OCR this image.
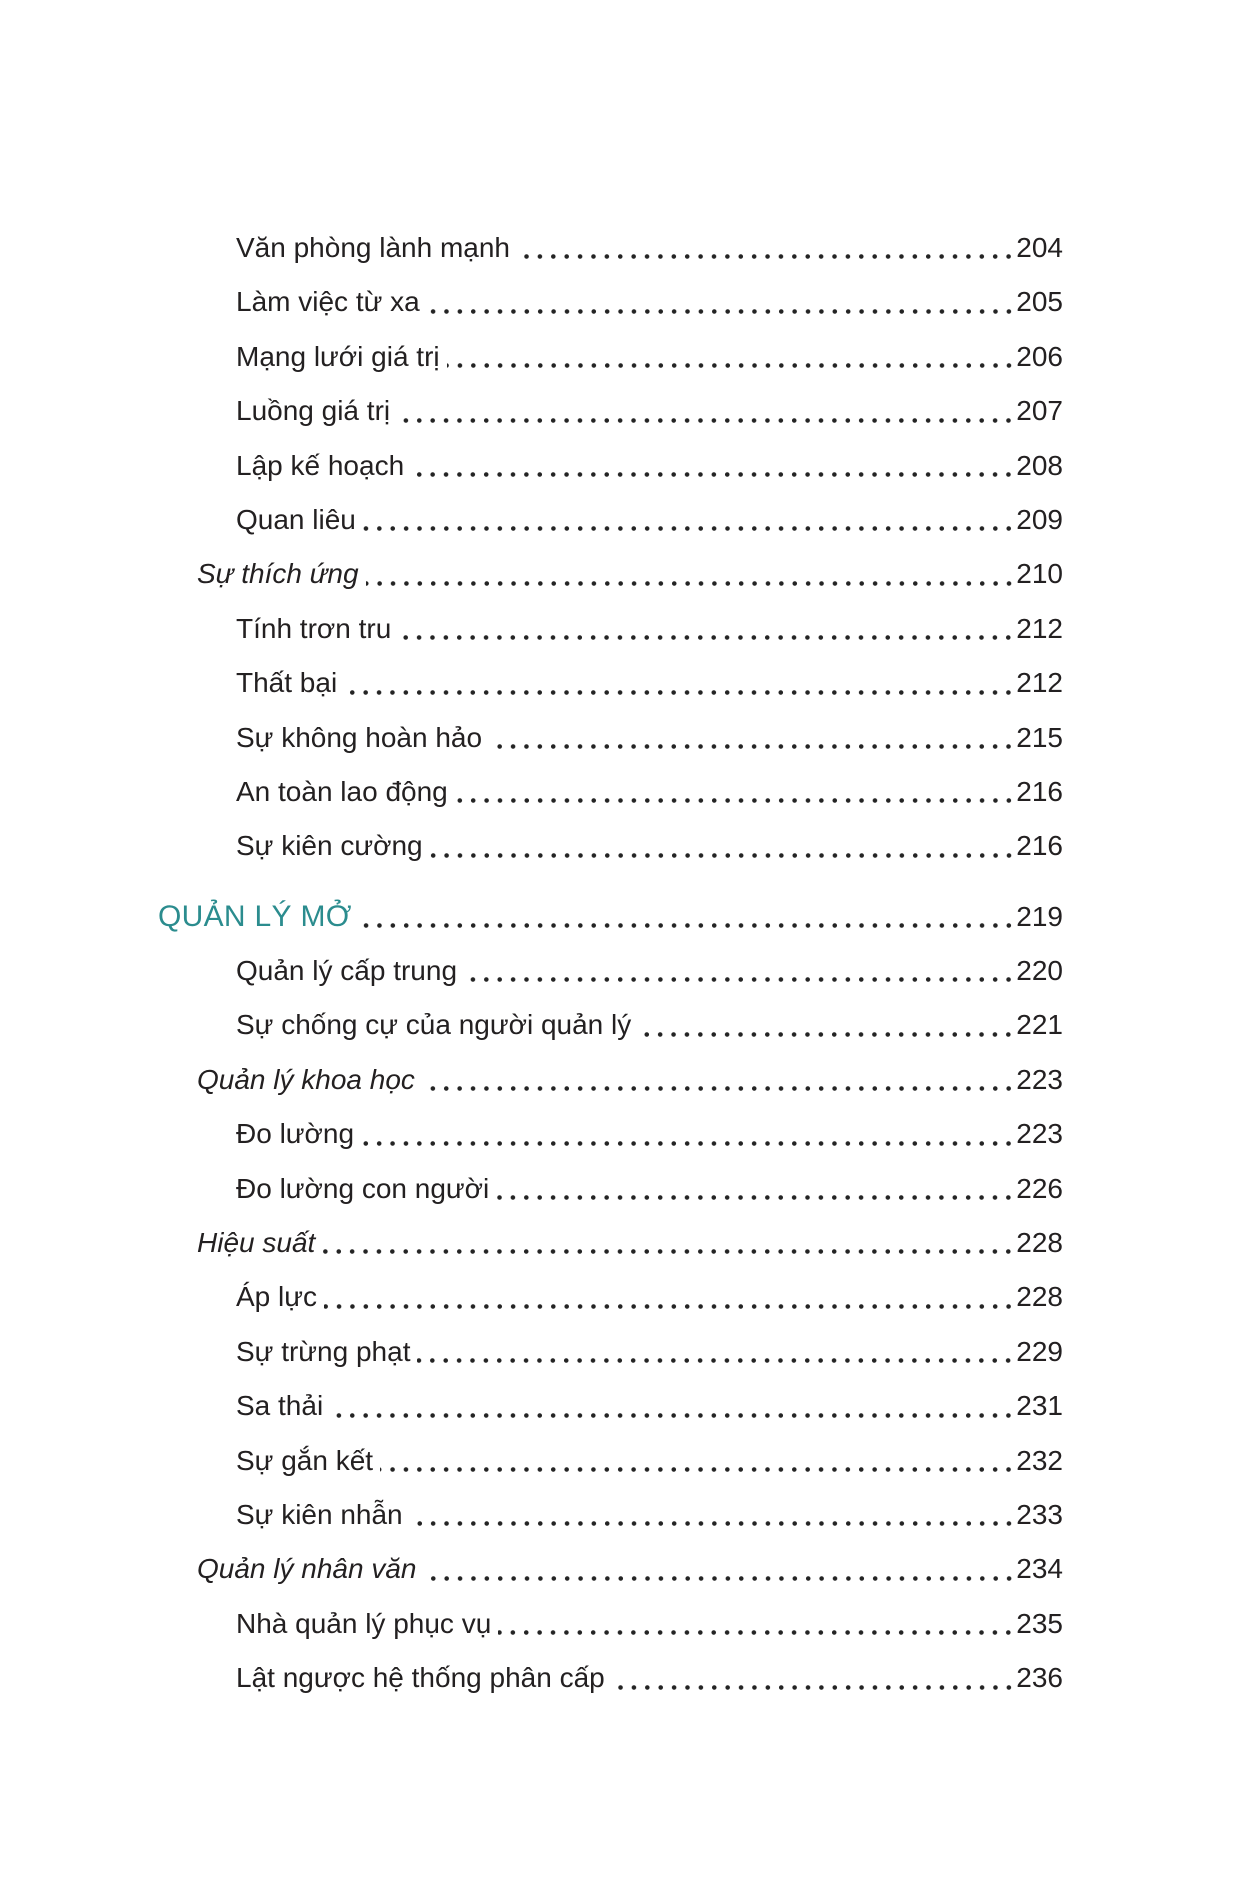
Văn phòng lành mạnh	204
Làm việc từ xa	205
Mạng lưới giá trị	206
Luồng giá trị	207
Lập kế hoạch	208
Quan liêu	209
Sự thích ứng	210
Tính trơn tru	212
Thất bại	212
Sự không hoàn hảo	215
An toàn lao động	216
Sự kiên cường	216
QUẢN LÝ MỞ	219
Quản lý cấp trung	220
Sự chống cự của người quản lý	221
Quản lý khoa học	223
Đo lường	223
Đo lường con người	226
Hiệu suất	228
Áp lực	228
Sự trừng phạt	229
Sa thải	231
Sự gắn kết	232
Sự kiên nhẫn	233
Quản lý nhân văn	234
Nhà quản lý phục vụ	235
Lật ngược hệ thống phân cấp	236
